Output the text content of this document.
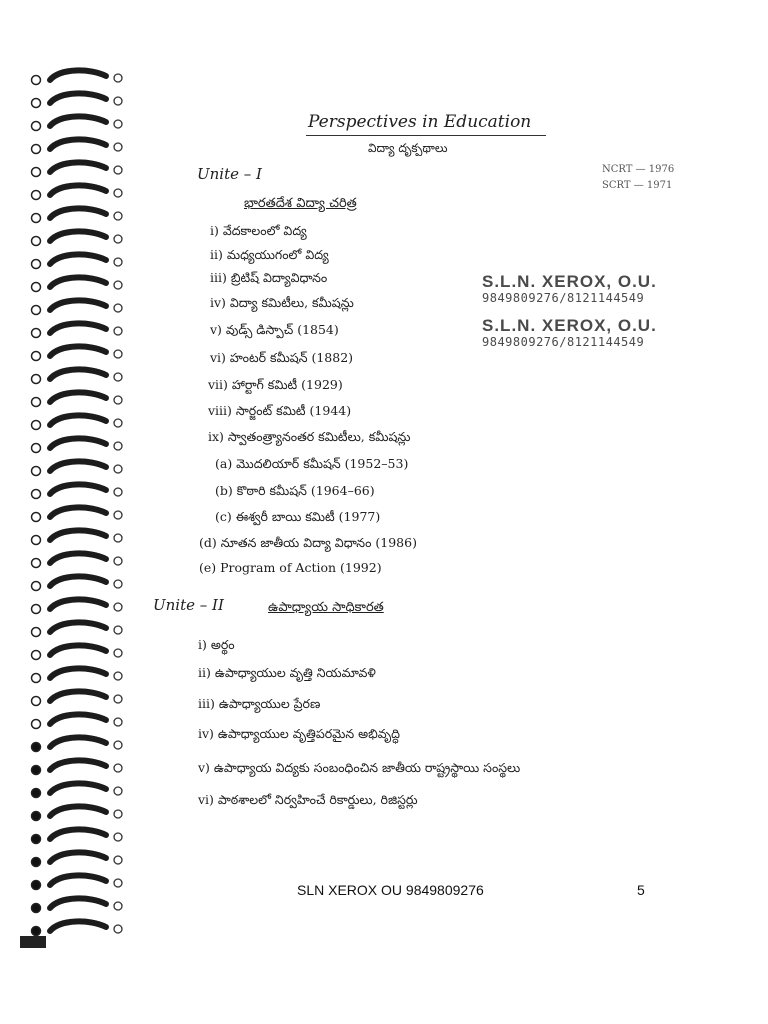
Perspectives in Education
విద్యా దృక్పథాలు
NCRT — 1976
SCRT — 1971
Unite – I
భారతదేశ విద్యా చరిత్ర
i) వేదకాలంలో విద్య
ii) మధ్యయుగంలో విద్య
iii) బ్రిటిష్ విద్యావిధానం
iv) విద్యా కమిటీలు, కమీషన్లు
v) వుడ్స్ డిస్పాచ్ (1854)
vi) హంటర్ కమీషన్ (1882)
vii) హార్టాగ్ కమిటీ (1929)
viii) సార్జంట్ కమిటీ (1944)
ix) స్వాతంత్ర్యానంతర కమిటీలు, కమీషన్లు
(a) మొదలియార్ కమీషన్ (1952–53)
(b) కొఠారి కమీషన్ (1964–66)
(c) ఈశ్వరీ బాయి కమిటీ (1977)
(d) నూతన జాతీయ విద్యా విధానం (1986)
(e) Program of Action (1992)
S.L.N. XEROX, O.U.
9849809276/8121144549
S.L.N. XEROX, O.U.
9849809276/8121144549
Unite – II	ఉపాధ్యాయ సాధికారత
i) అర్థం
ii) ఉపాధ్యాయుల వృత్తి నియమావళి
iii) ఉపాధ్యాయుల ప్రేరణ
iv) ఉపాధ్యాయుల వృత్తిపరమైన అభివృద్ధి
v) ఉపాధ్యాయ విద్యకు సంబంధించిన జాతీయ రాష్ట్రస్థాయి సంస్థలు
vi) పాఠశాలలో నిర్వహించే రికార్డులు, రిజిస్టర్లు
SLN XEROX OU 9849809276	5
